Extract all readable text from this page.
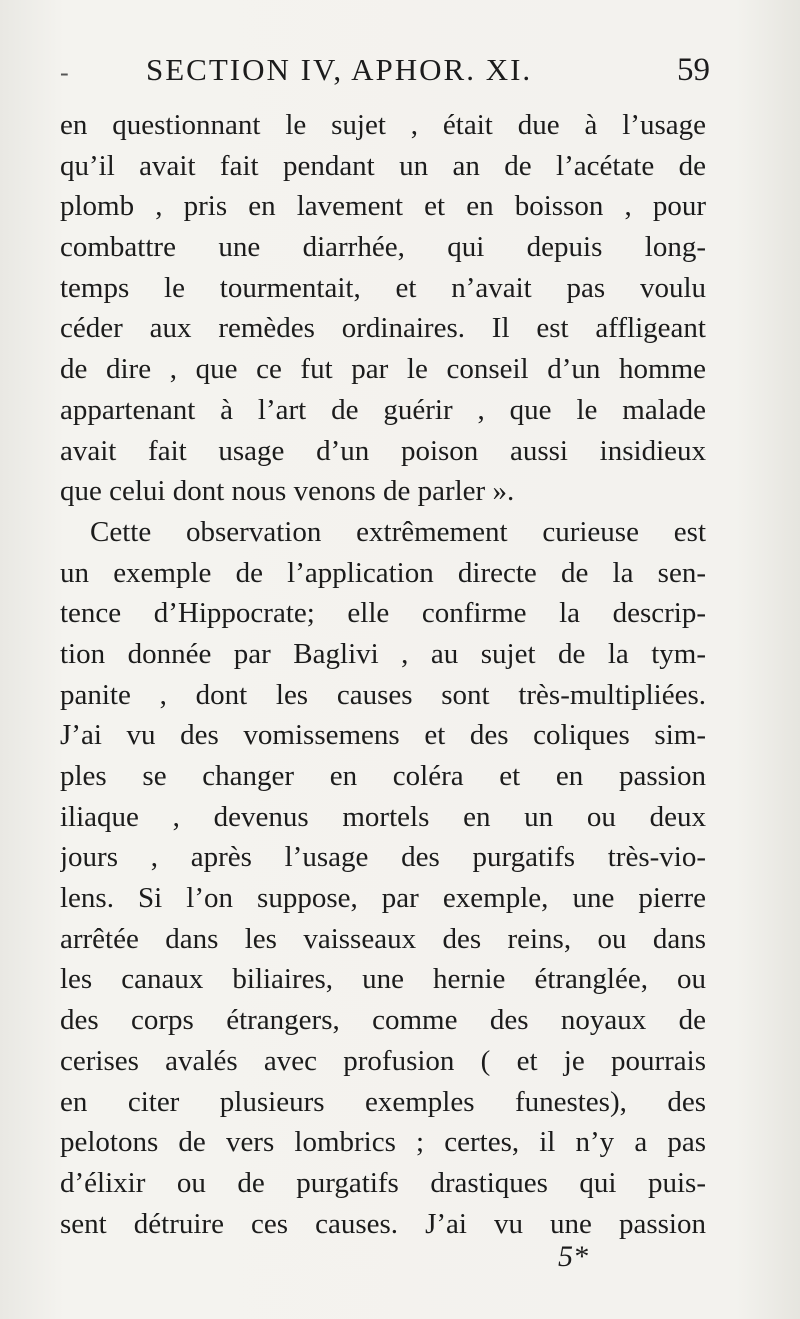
- SECTION IV, APHOR. XI.	59
en questionnant le sujet , était due à l’usage
qu’il avait fait pendant un an de l’acétate de
plomb , pris en lavement et en boisson , pour
combattre une diarrhée, qui depuis long-
temps le tourmentait, et n’avait pas voulu
céder aux remèdes ordinaires. Il est affligeant
de dire , que ce fut par le conseil d’un homme
appartenant à l’art de guérir , que le malade
avait fait usage d’un poison aussi insidieux
que celui dont nous venons de parler ».
Cette observation extrêmement curieuse est
un exemple de l’application directe de la sen-
tence d’Hippocrate; elle confirme la descrip-
tion donnée par Baglivi , au sujet de la tym-
panite , dont les causes sont très-multipliées.
J’ai vu des vomissemens et des coliques sim-
ples se changer en coléra et en passion
iliaque , devenus mortels en un ou deux
jours , après l’usage des purgatifs très-vio-
lens. Si l’on suppose, par exemple, une pierre
arrêtée dans les vaisseaux des reins, ou dans
les canaux biliaires, une hernie étranglée, ou
des corps étrangers, comme des noyaux de
cerises avalés avec profusion ( et je pourrais
en citer plusieurs exemples funestes), des
pelotons de vers lombrics ; certes, il n’y a pas
d’élixir ou de purgatifs drastiques qui puis-
sent détruire ces causes. J’ai vu une passion
5*
